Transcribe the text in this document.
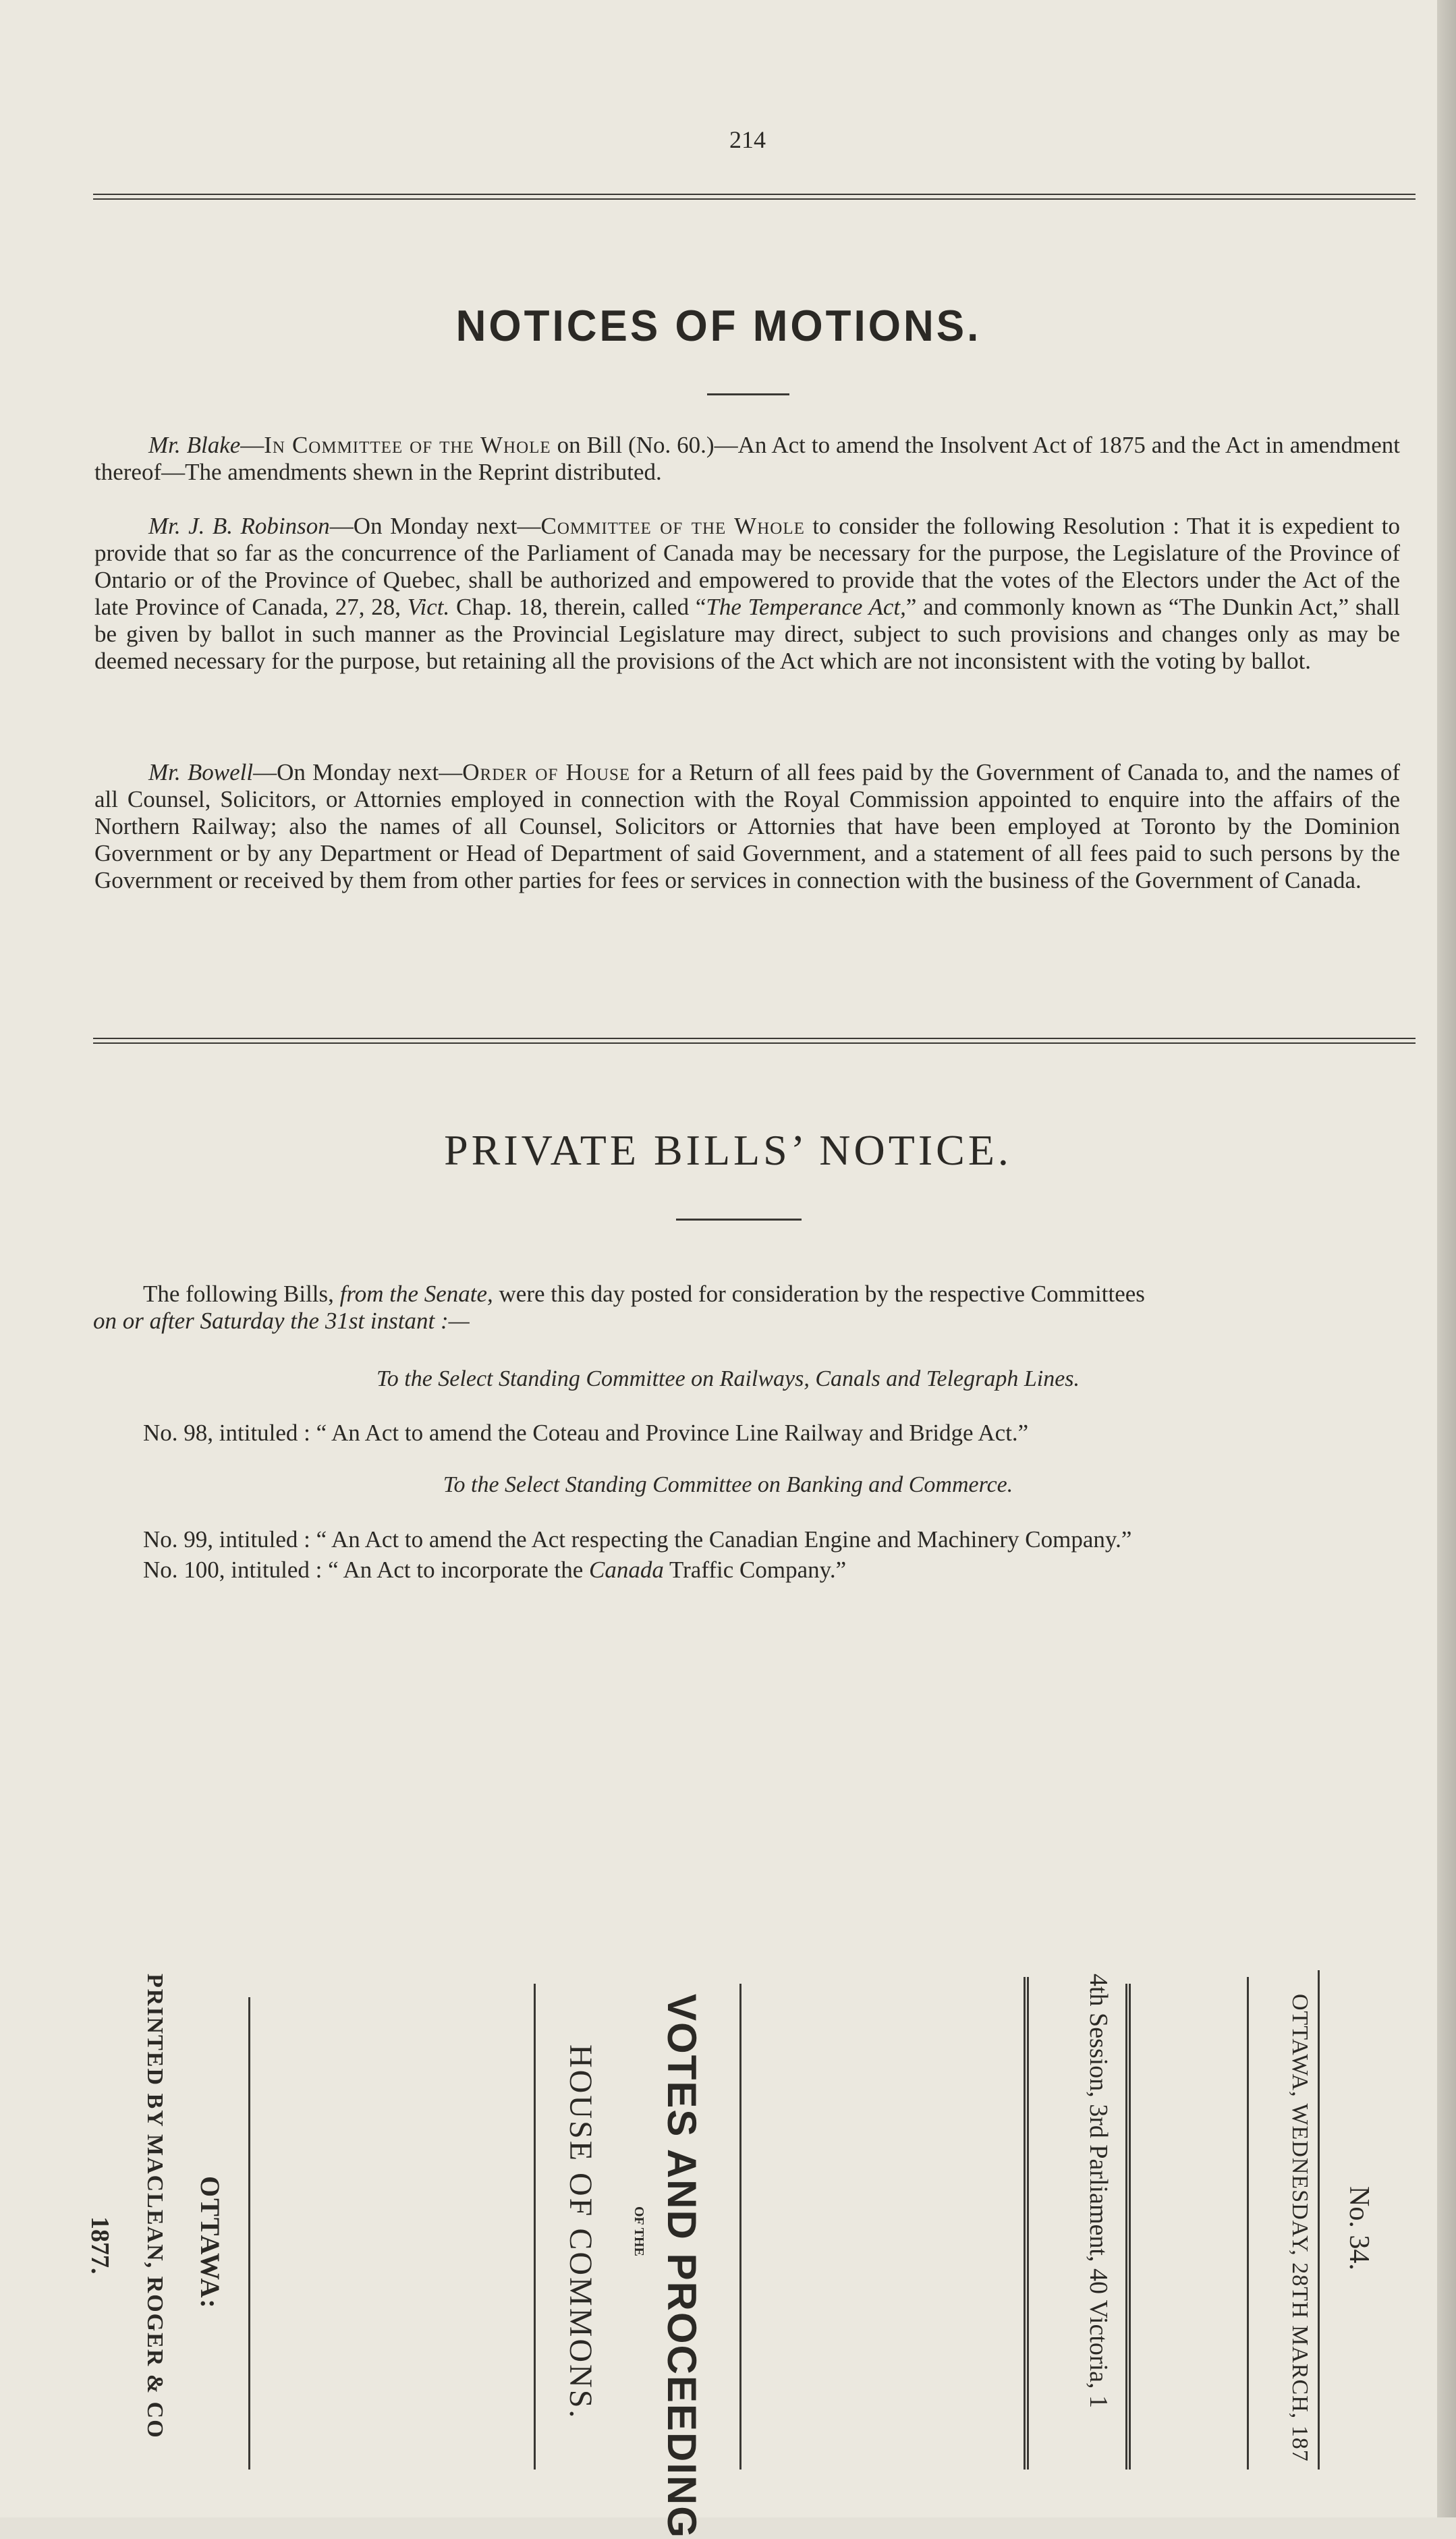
214
NOTICES OF MOTIONS.
Mr. Blake—In Committee of the Whole on Bill (No. 60.)—An Act to amend the Insolvent Act of 1875 and the Act in amendment thereof—The amendments shewn in the Reprint distributed.
Mr. J. B. Robinson—On Monday next—Committee of the Whole to consider the following Resolution : That it is expedient to provide that so far as the concurrence of the Parliament of Canada may be necessary for the purpose, the Legislature of the Province of Ontario or of the Province of Quebec, shall be authorized and empowered to provide that the votes of the Electors under the Act of the late Province of Canada, 27, 28, Vict. Chap. 18, therein, called “The Temperance Act,” and commonly known as “The Dunkin Act,” shall be given by ballot in such manner as the Provincial Legislature may direct, subject to such provisions and changes only as may be deemed necessary for the purpose, but retaining all the provisions of the Act which are not inconsistent with the voting by ballot.
Mr. Bowell—On Monday next—Order of House for a Return of all fees paid by the Government of Canada to, and the names of all Counsel, Solicitors, or Attornies employed in connection with the Royal Commission appointed to enquire into the affairs of the Northern Railway; also the names of all Counsel, Solicitors or Attornies that have been employed at Toronto by the Dominion Government or by any Department or Head of Department of said Government, and a statement of all fees paid to such persons by the Government or received by them from other parties for fees or services in connection with the business of the Government of Canada.
PRIVATE BILLS’ NOTICE.
The following Bills, from the Senate, were this day posted for consideration by the respective Committees
on or after Saturday the 31st instant :—
To the Select Standing Committee on Railways, Canals and Telegraph Lines.
No. 98, intituled : “ An Act to amend the Coteau and Province Line Railway and Bridge Act.”
To the Select Standing Committee on Banking and Commerce.
No. 99, intituled : “ An Act to amend the Act respecting the Canadian Engine and Machinery Company.”
No. 100, intituled : “ An Act to incorporate the Canada Traffic Company.”
No. 34.
OTTAWA, WEDNESDAY, 28TH MARCH, 187
4th Session, 3rd Parliament, 40 Victoria, 1
VOTES AND PROCEEDING
OF THE
HOUSE OF COMMONS.
OTTAWA:
PRINTED BY MACLEAN, ROGER & CO
1877.
